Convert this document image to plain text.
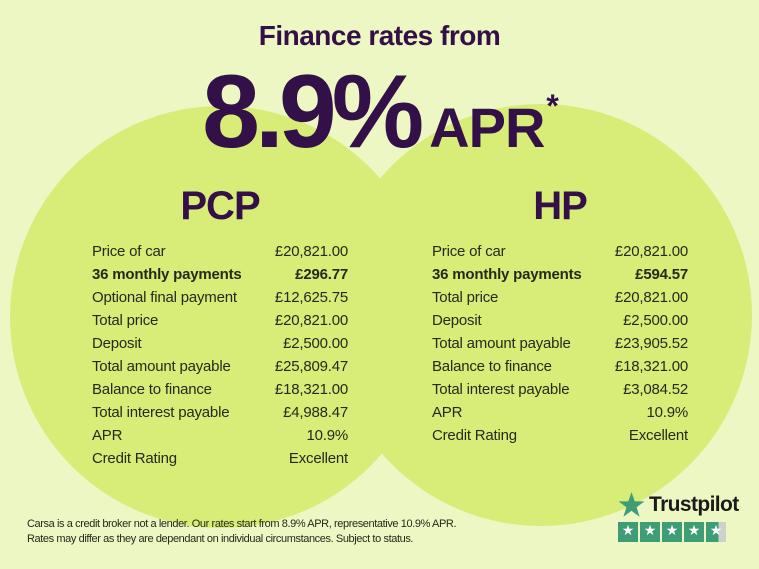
Finance rates from
8.9% APR *
PCP
Price of car	£20,821.00
36 monthly payments	£296.77
Optional final payment	£12,625.75
Total price	£20,821.00
Deposit	£2,500.00
Total amount payable	£25,809.47
Balance to finance	£18,321.00
Total interest payable	£4,988.47
APR	10.9%
Credit Rating	Excellent
HP
Price of car	£20,821.00
36 monthly payments	£594.57
Total price	£20,821.00
Deposit	£2,500.00
Total amount payable	£23,905.52
Balance to finance	£18,321.00
Total interest payable	£3,084.52
APR	10.9%
Credit Rating	Excellent
Carsa is a credit broker not a lender. Our rates start from 8.9% APR, representative 10.9% APR.
Rates may differ as they are dependant on individual circumstances. Subject to status.
Trustpilot
★ ★ ★ ★ ★
